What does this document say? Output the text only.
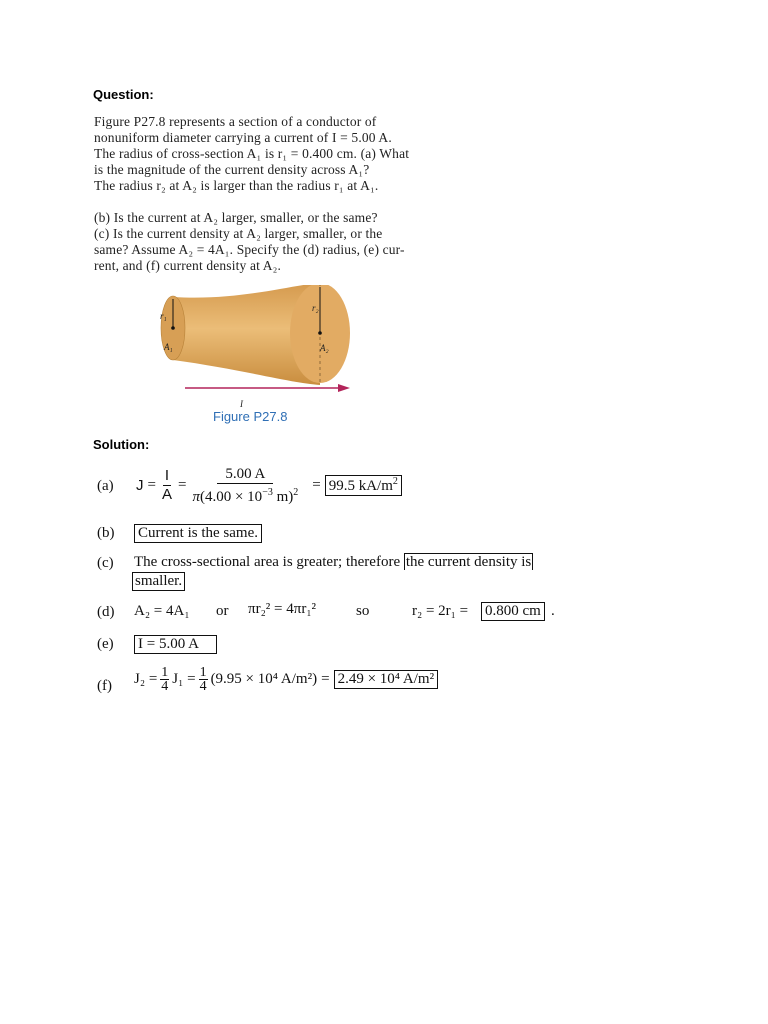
Question:
Figure P27.8 represents a section of a conductor of
nonuniform diameter carrying a current of I = 5.00 A.
The radius of cross-section A₁ is r₁ = 0.400 cm. (a) What
is the magnitude of the current density across A₁?
The radius r₂ at A₂ is larger than the radius r₁ at A₁.
(b) Is the current at A₂ larger, smaller, or the same?
(c) Is the current density at A₂ larger, smaller, or the
same? Assume A₂ = 4A₁. Specify the (d) radius, (e) cur-
rent, and (f) current density at A₂.
r₁
r₂
A₁	A₂
I
Figure P27.8
Solution:
(a) $J = \frac{I}{A} = \frac{5.00 A}{\pi(4.00 \times 10^{-3} m)^2} = 99.5$ $kA/m^2$
(b) Current is the same.
(c) The cross-sectional area is greater; therefore the current density is
smaller.
(d) A₂ = 4A₁ or πr₂² = 4πr₁²	so	r₂ = 2r₁ = 0.800 cm .
(e) I = 5.00 A
(f) $J_2 = \frac{1}{4} J_1 = \frac{1}{4} (9.95 \times 10^4$ A/m²) = 2.49 × 10⁴ A/m²
